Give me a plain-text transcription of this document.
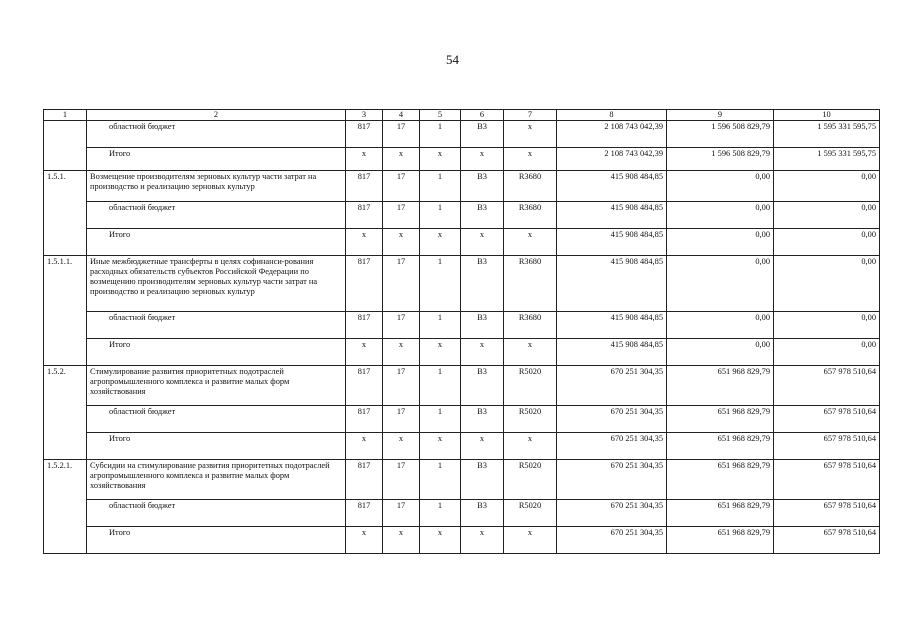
54
1	2	3	4	5	6	7	8	9	10
	областной бюджет	817	17	1	В3	х	2 108 743 042,39	1 596 508 829,79	1 595 331 595,75
	Итого	х	х	х	х	х	2 108 743 042,39	1 596 508 829,79	1 595 331 595,75
1.5.1.	Возмещение производителям зерновых культур части затрат на производство и реализацию зерновых культур	817	17	1	В3	R3680	415 908 484,85	0,00	0,00
	областной бюджет	817	17	1	В3	R3680	415 908 484,85	0,00	0,00
	Итого	х	х	х	х	х	415 908 484,85	0,00	0,00
1.5.1.1.	Иные межбюджетные трансферты в целях софинанси-рования расходных обязательств субъектов Российской Федерации по возмещению производителям зерновых культур части затрат на производство и реализацию зерновых культур	817	17	1	В3	R3680	415 908 484,85	0,00	0,00
	областной бюджет	817	17	1	В3	R3680	415 908 484,85	0,00	0,00
	Итого	х	х	х	х	х	415 908 484,85	0,00	0,00
1.5.2.	Стимулирование развития приоритетных подотраслей агропромышленного комплекса и развитие малых форм хозяйствования	817	17	1	В3	R5020	670 251 304,35	651 968 829,79	657 978 510,64
	областной бюджет	817	17	1	В3	R5020	670 251 304,35	651 968 829,79	657 978 510,64
	Итого	х	х	х	х	х	670 251 304,35	651 968 829,79	657 978 510,64
1.5.2.1.	Субсидии на стимулирование развития приоритетных подотраслей агропромышленного комплекса и развитие малых форм хозяйствования	817	17	1	В3	R5020	670 251 304,35	651 968 829,79	657 978 510,64
	областной бюджет	817	17	1	В3	R5020	670 251 304,35	651 968 829,79	657 978 510,64
	Итого	х	х	х	х	х	670 251 304,35	651 968 829,79	657 978 510,64
